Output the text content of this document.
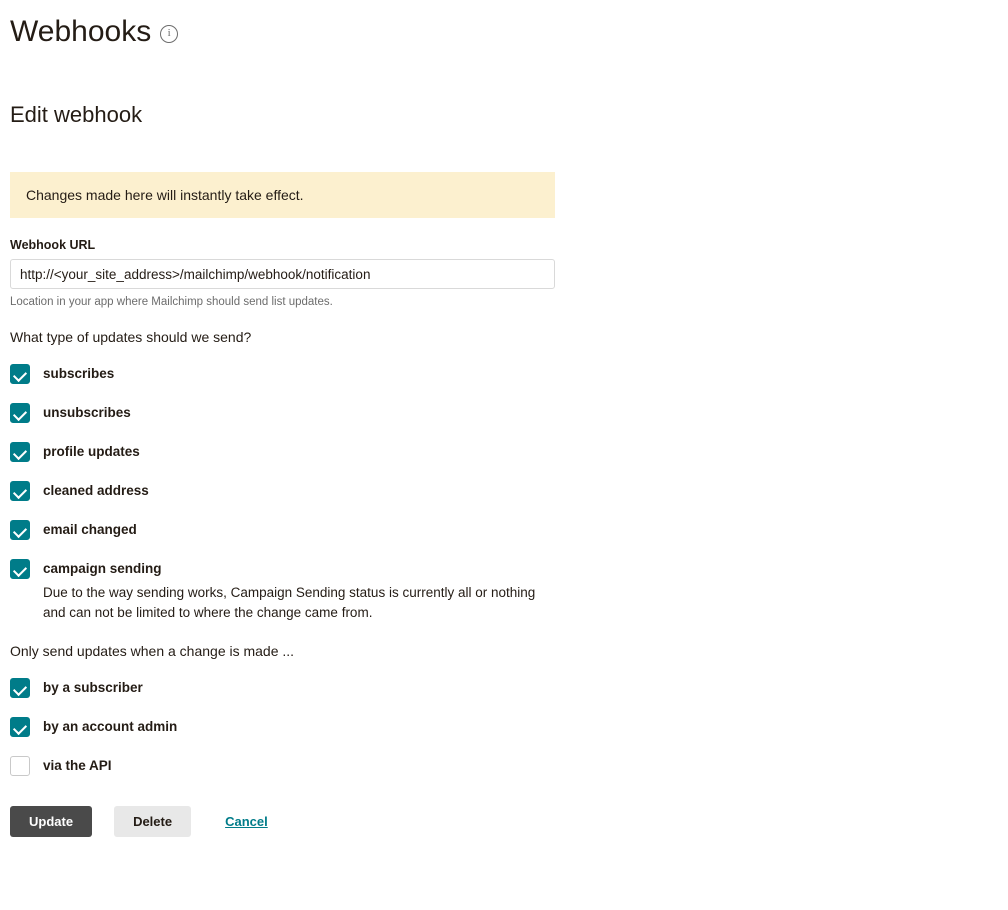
Webhooks	i
Edit webhook
Changes made here will instantly take effect.
Webhook URL
http://<your_site_address>/mailchimp/webhook/notification
Location in your app where Mailchimp should send list updates.
What type of updates should we send?
subscribes
unsubscribes
profile updates
cleaned address
email changed
campaign sending
Due to the way sending works, Campaign Sending status is currently all or nothing and can not be limited to where the change came from.
Only send updates when a change is made ...
by a subscriber
by an account admin
via the API
Update	Delete	Cancel
